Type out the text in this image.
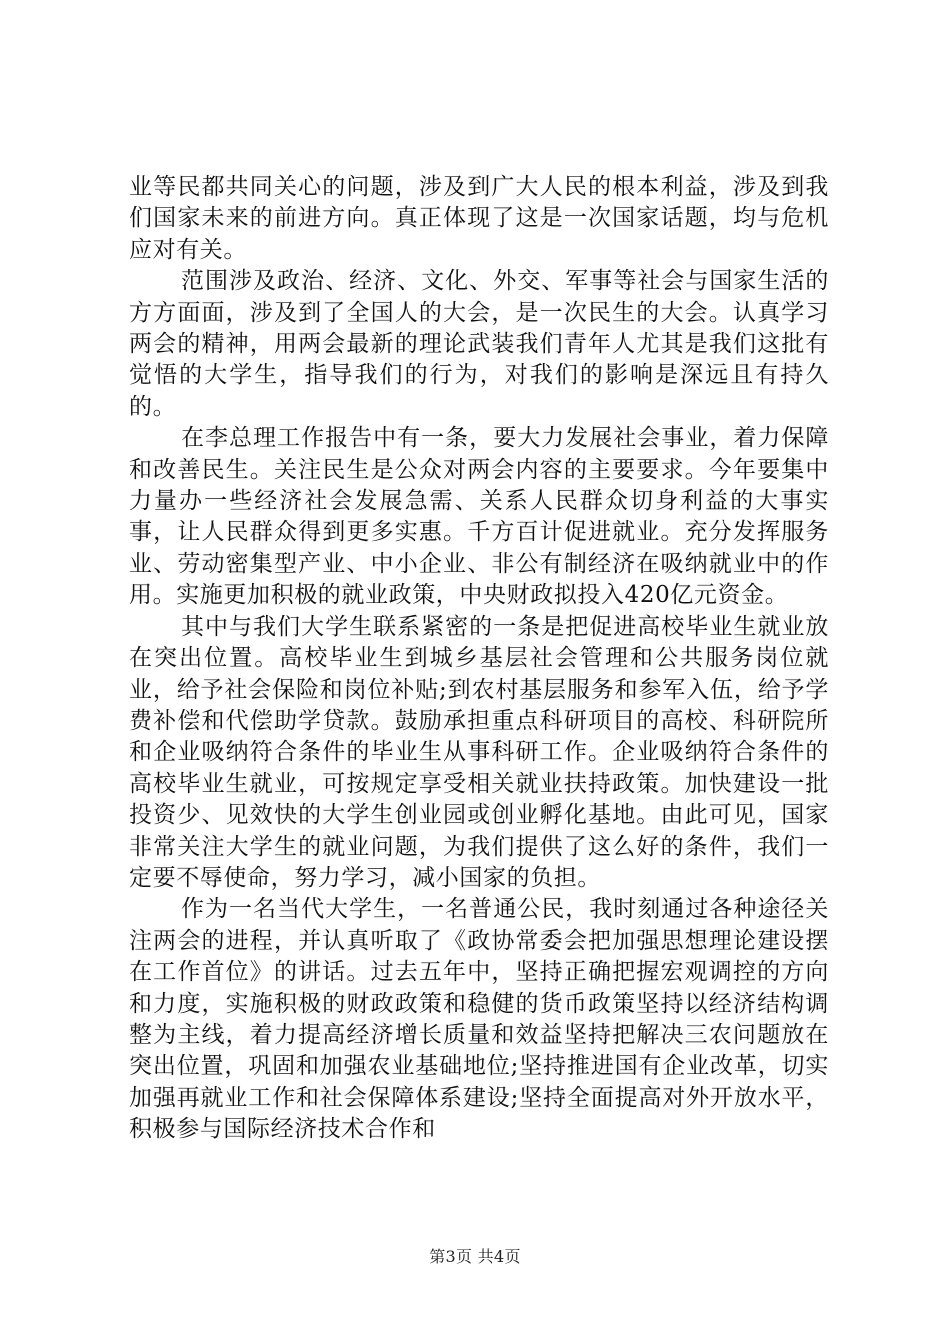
业等民都共同关心的问题，涉及到广大人民的根本利益，涉及到我们国家未来的前进方向。真正体现了这是一次国家话题，均与危机应对有关。

范围涉及政治、经济、文化、外交、军事等社会与国家生活的方方面面，涉及到了全国人的大会，是一次民生的大会。认真学习两会的精神，用两会最新的理论武装我们青年人尤其是我们这批有觉悟的大学生，指导我们的行为，对我们的影响是深远且有持久的。

在李总理工作报告中有一条，要大力发展社会事业，着力保障和改善民生。关注民生是公众对两会内容的主要要求。今年要集中力量办一些经济社会发展急需、关系人民群众切身利益的大事实事，让人民群众得到更多实惠。千方百计促进就业。充分发挥服务业、劳动密集型产业、中小企业、非公有制经济在吸纳就业中的作用。实施更加积极的就业政策，中央财政拟投入420亿元资金。

其中与我们大学生联系紧密的一条是把促进高校毕业生就业放在突出位置。高校毕业生到城乡基层社会管理和公共服务岗位就业，给予社会保险和岗位补贴;到农村基层服务和参军入伍，给予学费补偿和代偿助学贷款。鼓励承担重点科研项目的高校、科研院所和企业吸纳符合条件的毕业生从事科研工作。企业吸纳符合条件的高校毕业生就业，可按规定享受相关就业扶持政策。加快建设一批投资少、见效快的大学生创业园或创业孵化基地。由此可见，国家非常关注大学生的就业问题，为我们提供了这么好的条件，我们一定要不辱使命，努力学习，减小国家的负担。

作为一名当代大学生，一名普通公民，我时刻通过各种途径关注两会的进程，并认真听取了《政协常委会把加强思想理论建设摆在工作首位》的讲话。过去五年中，坚持正确把握宏观调控的方向和力度，实施积极的财政政策和稳健的货币政策坚持以经济结构调整为主线，着力提高经济增长质量和效益坚持把解决三农问题放在突出位置，巩固和加强农业基础地位;坚持推进国有企业改革，切实加强再就业工作和社会保障体系建设;坚持全面提高对外开放水平，积极参与国际经济技术合作和

第3页 共4页
